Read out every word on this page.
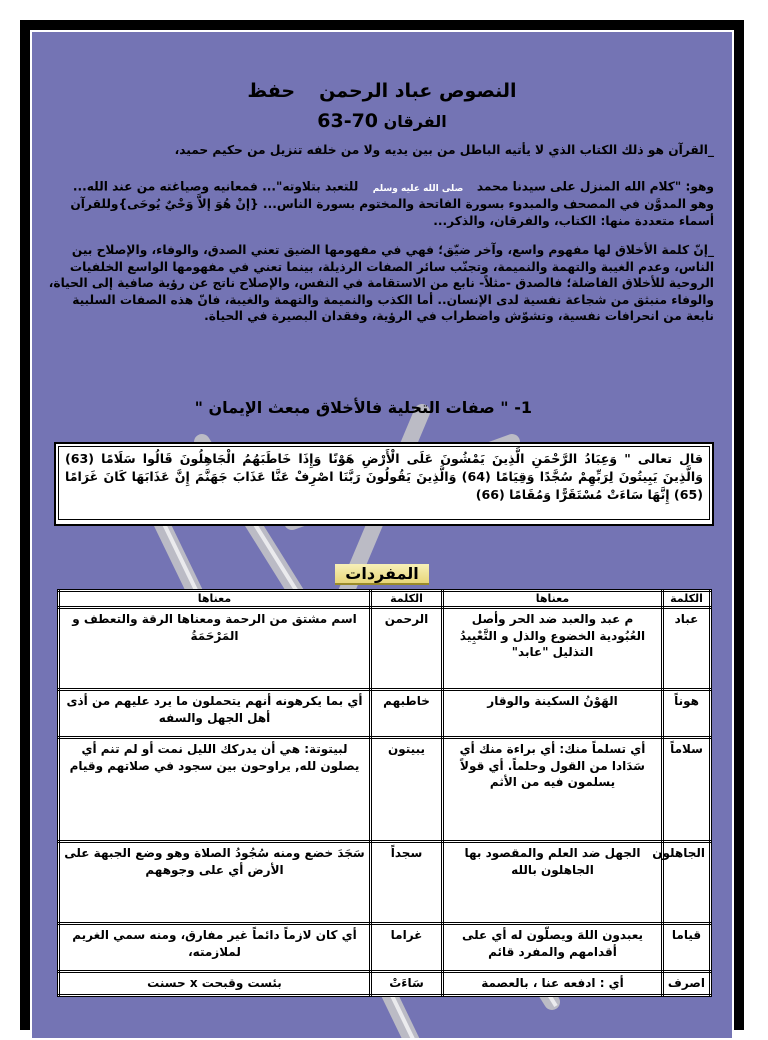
النصوص عباد الرحمنحفظ
الفرقان 63-70
_القرآن هو ذلك الكتاب الذي لا يأتيه الباطل من بين يديه ولا من خلفه تنزيل من حكيم حميد،
وهو: "كلام الله المنزل على سيدنا محمد
صلى الله عليه وسلم
للتعبد بتلاوته"... فمعانيه وصياغته من عند الله... وهو المدوَّن في المصحف والمبدوء بسورة الفاتحة والمختوم بسورة الناس... {إنْ هُوَ إلاَّ وَحْيٌ يُوحَى}وللقرآن أسماء متعددة منها: الكتاب، والفرقان، والذكر...
_إنّ كلمة الأخلاق لها مفهوم واسع، وآخر ضيّق؛ فهي في مفهومها الضيق تعني الصدق، والوفاء، والإصلاح بين الناس، وعدم الغيبة والتهمة والنميمة، وتجنّب سائر الصفات الرذيلة، بينما تعني في مفهومها الواسع الخلفيات الروحية للأخلاق الفاضلة؛ فالصدق -مثلاً- نابع من الاستقامة في النفس، والإصلاح ناتج عن رؤية صافية إلى الحياة، والوفاء منبثق من شجاعة نفسية لدى الإنسان.. أما الكذب والنميمة والتهمة والغيبة، فانّ هذه الصفات السلبية نابعة من انحرافات نفسية، وتشوّش واضطراب في الرؤية، وفقدان البصيرة في الحياة.
1- " صفات التحلية فالأخلاق مبعث الإيمان "
قال تعالى " وَعِبَادُ الرَّحْمَنِ الَّذِينَ يَمْشُونَ عَلَى الْأَرْضِ هَوْنًا وَإِذَا خَاطَبَهُمُ الْجَاهِلُونَ قَالُوا سَلَامًا (63) وَالَّذِينَ يَبِيتُونَ لِرَبِّهِمْ سُجَّدًا وَقِيَامًا (64) وَالَّذِينَ يَقُولُونَ رَبَّنَا اصْرِفْ عَنَّا عَذَابَ جَهَنَّمَ إِنَّ عَذَابَهَا كَانَ غَرَامًا (65) إِنَّهَا سَاءَتْ مُسْتَقَرًّا وَمُقَامًا (66)
المفردات
الكلمة	معناها	الكلمة	معناها
عباد	م عبد والعبد ضد الحر وأصل العُبُودية الخضوع والذل و التَّعْبِيدُ التذليل "عابد"	الرحمن	اسم مشتق من الرحمة ومعناها الرقة والتعطف و المَرْحَمَةُ
هوناً	الهَوْنُ السكينة والوقار	خاطبهم	أي بما يكرهونه أنهم يتحملون ما يرد عليهم من أذى أهل الجهل والسفه
سلاماً	أي تسلماً منك: أي براءة منك أي سَدَادا من القول وحلماً. أي قولاً يسلمون فيه من الأثم	يبيتون	لبيتوتة: هي أن يدركك الليل نمت أو لم تنم أي يصلون لله, يراوحون بين سجود في صلاتهم وقيام
الجاهلون	الجهل ضد العلم والمقصود بها الجاهلون بالله	سجداً	سَجَدَ خضع ومنه سُجُودُ الصلاة وهو وضع الجبهة على الأرض أي على وجوههم
قياما	يعبدون اللهَ ويصلّون له أي على أقدامهم والمفرد قائم	غراما	أي كان لازماً دائماً غير مفارق، ومنه سمي الغريم لملازمته،
اصرف	أي : ادفعه عنا ، بالعصمة	سَاءَتْ	بئست وقبحت x حسنت
